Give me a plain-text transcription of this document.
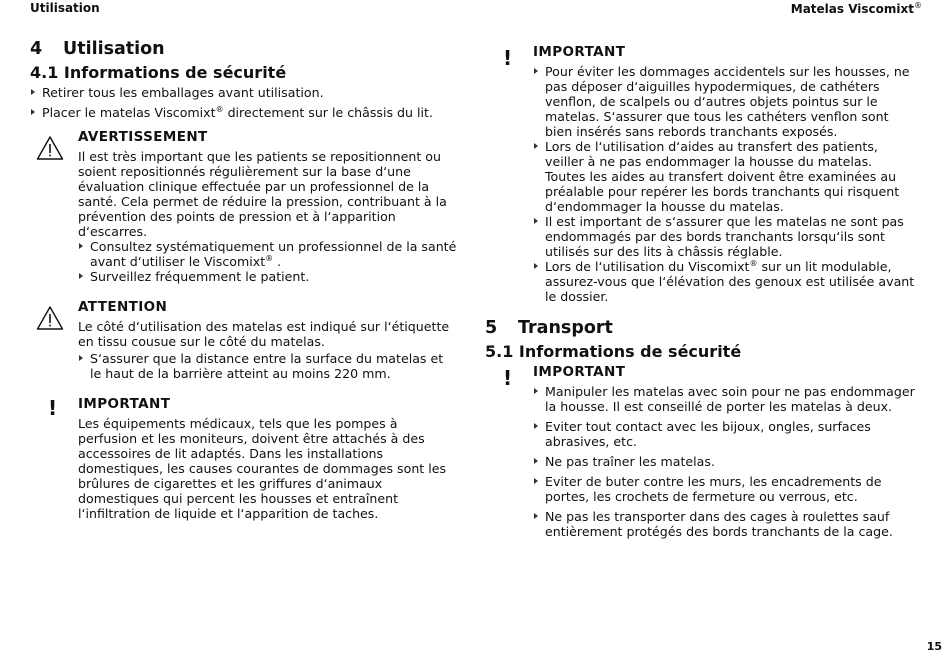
Utilisation	Matelas Viscomixt®
4 Utilisation
4.1 Informations de sécurité
Retirer tous les emballages avant utilisation.
Placer le matelas Viscomixt® directement sur le châssis du lit.
AVERTISSEMENT
Il est très important que les patients se repositionnent ou soient repositionnés régulièrement sur la base d‘une évaluation clinique effectuée par un professionnel de la santé. Cela permet de réduire la pression, contribuant à la prévention des points de pression et à l‘apparition d‘escarres.
Consultez systématiquement un professionnel de la santé avant d‘utiliser le Viscomixt® .
Surveillez fréquemment le patient.
ATTENTION
Le côté d‘utilisation des matelas est indiqué sur l‘étiquette en tissu cousue sur le côté du matelas.
S‘assurer que la distance entre la surface du matelas et le haut de la barrière atteint au moins 220 mm.
!	IMPORTANT
Les équipements médicaux, tels que les pompes à perfusion et les moniteurs, doivent être attachés à des accessoires de lit adaptés. Dans les installations domestiques, les causes courantes de dommages sont les brûlures de cigarettes et les griffures d‘animaux domestiques qui percent les housses et entraînent l‘infiltration de liquide et l‘apparition de taches.
!	IMPORTANT
Pour éviter les dommages accidentels sur les housses, ne pas déposer d‘aiguilles hypodermiques, de cathéters venflon, de scalpels ou d‘autres objets pointus sur le matelas. S‘assurer que tous les cathéters venflon sont bien insérés sans rebords tranchants exposés.
Lors de l‘utilisation d‘aides au transfert des patients, veiller à ne pas endommager la housse du matelas. Toutes les aides au transfert doivent être examinées au préalable pour repérer les bords tranchants qui risquent d‘endommager la housse du matelas.
Il est important de s‘assurer que les matelas ne sont pas endommagés par des bords tranchants lorsqu‘ils sont utilisés sur des lits à châssis réglable.
Lors de l‘utilisation du Viscomixt® sur un lit modulable, assurez-vous que l‘élévation des genoux est utilisée avant le dossier.
5 Transport
5.1 Informations de sécurité
!	IMPORTANT
Manipuler les matelas avec soin pour ne pas endommager la housse. Il est conseillé de porter les matelas à deux.
Eviter tout contact avec les bijoux, ongles, surfaces abrasives, etc.
Ne pas traîner les matelas.
Eviter de buter contre les murs, les encadrements de portes, les crochets de fermeture ou verrous, etc.
Ne pas les transporter dans des cages à roulettes sauf entièrement protégés des bords tranchants de la cage.
15
